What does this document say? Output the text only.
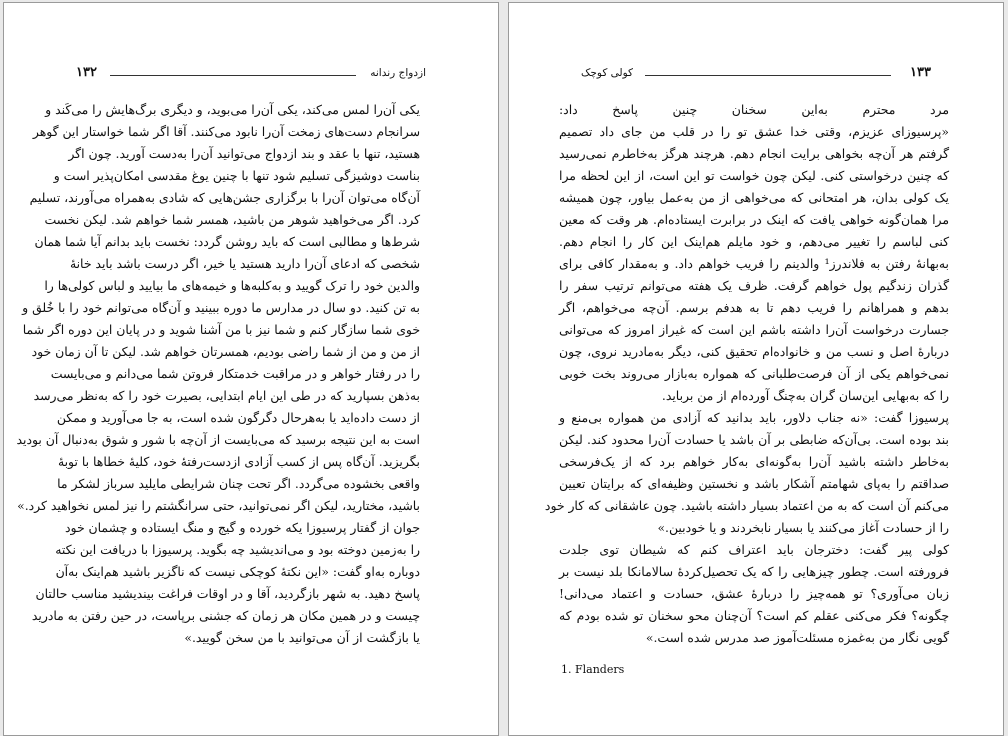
۱۳۲	ازدواج رندانه
یکی آن‌را لمس می‌کند، یکی آن‌را می‌بوید، و دیگری برگ‌هایش را می‌کَند و
سرانجام دست‌های زمخت آن‌را نابود می‌کنند. آقا اگر شما خواستار این گوهر
هستید، تنها با عقد و بند ازدواج می‌توانید آن‌را به‌دست آورید. چون اگر
بناست دوشیزگی تسلیم شود تنها با چنین یوغ مقدسی امکان‌پذیر است و
آن‌گاه می‌توان آن‌را با برگزاری جشن‌هایی که شادی به‌همراه می‌آورند، تسلیم
کرد. اگر می‌خواهید شوهر من باشید، همسر شما خواهم شد. لیکن نخست
شرط‌ها و مطالبی است که باید روشن گردد: نخست باید بدانم آیا شما همان
شخصی که ادعای آن‌را دارید هستید یا خیر، اگر درست باشد باید خانهٔ
والدین خود را ترک گویید و به‌کلبه‌ها و خیمه‌های ما بیایید و لباس کولی‌ها را
به تن کنید. دو سال در مدارس ما دوره ببینید و آن‌گاه می‌توانم خود را با خُلق و
خوی شما سازگار کنم و شما نیز با من آشنا شوید و در پایان این دوره اگر شما
از من و من از شما راضی بودیم، همسرتان خواهم شد. لیکن تا آن زمان خود
را در رفتار خواهر و در مراقبت خدمتکار فروتن شما می‌دانم و می‌بایست
به‌ذهن بسپارید که در طی این ایام ابتدایی، بصیرت خود را که به‌نظر می‌رسد
از دست داده‌اید یا به‌هرحال دگرگون شده است، به جا می‌آورید و ممکن
است به این نتیجه برسید که می‌بایست از آن‌چه با شور و شوق به‌دنبال آن بودید
بگریزید. آن‌گاه پس از کسب آزادی ازدست‌رفتهٔ خود، کلیهٔ خطاها با توبهٔ
واقعی بخشوده می‌گردد. اگر تحت چنان شرایطی مایلید سرباز لشکر ما
باشید، مختارید، لیکن اگر نمی‌توانید، حتی سرانگشتم را نیز لمس نخواهید کرد.»
جوان از گفتار پرسیوزا یکه خورده و گیج و منگ ایستاده و چشمان خود
را به‌زمین دوخته بود و می‌اندیشید چه بگوید. پرسیوزا با دریافت این نکته
دوباره به‌او گفت: «این نکتهٔ کوچکی نیست که ناگزیر باشید هم‌اینک به‌آن
پاسخ دهید. به شهر بازگردید، آقا و در اوقات فراغت بیندیشید مناسب حالتان
چیست و در همین مکان هر زمان که جشنی برپاست، در حین رفتن به مادرید
یا بازگشت از آن می‌توانید با من سخن گویید.»
کولی کوچک	۱۳۳
مرد محترم به‌این سخنان چنین پاسخ داد:
«پرسیوزای عزیزم، وقتی خدا عشق تو را در قلب من جای داد تصمیم
گرفتم هر آن‌چه بخواهی برایت انجام دهم. هرچند هرگز به‌خاطرم نمی‌رسید
که چنین درخواستی کنی. لیکن چون خواست تو این است، از این لحظه مرا
یک کولی بدان، هر امتحانی که می‌خواهی از من به‌عمل بیاور، چون همیشه
مرا همان‌گونه خواهی یافت که اینک در برابرت ایستاده‌ام. هر وقت که معین
کنی لباسم را تغییر می‌دهم، و خود مایلم هم‌اینک این کار را انجام دهم.
به‌بهانهٔ رفتن به فلاندرز¹ والدینم را فریب خواهم داد. و به‌مقدار کافی برای
گذران زندگیم پول خواهم گرفت. ظرف یک هفته می‌توانم ترتیب سفر را
بدهم و همراهانم را فریب دهم تا به هدفم برسم. آن‌چه می‌خواهم، اگر
جسارت درخواست آن‌را داشته باشم این است که غیراز امروز که می‌توانی
دربارهٔ اصل و نسب من و خانواده‌ام تحقیق کنی، دیگر به‌مادرید نروی، چون
نمی‌خواهم یکی از آن فرصت‌طلبانی که همواره به‌بازار می‌روند بخت خوبی
را که به‌بهایی این‌سان گران به‌چنگ آورده‌ام از من برباید.
پرسیوزا گفت: «نه جناب دلاور، باید بدانید که آزادی من همواره بی‌منع و
بند بوده است. بی‌آن‌که ضابطی بر آن باشد یا حسادت آن‌را محدود کند. لیکن
به‌خاطر داشته باشید آن‌را به‌گونه‌ای به‌کار خواهم برد که از یک‌فرسخی
صداقتم را به‌پای شهامتم آشکار باشد و نخستین وظیفه‌ای که برایتان تعیین
می‌کنم آن است که به من اعتماد بسیار داشته باشید. چون عاشقانی که کار خود
را از حسادت آغاز می‌کنند یا بسیار نابخردند و یا خودبین.»
کولی پیر گفت: دخترجان باید اعتراف کنم که شیطان توی جلدت
فرورفته است. چطور چیزهایی را که یک تحصیل‌کردهٔ سالامانکا بلد نیست بر
زبان می‌آوری؟ تو همه‌چیز را دربارهٔ عشق، حسادت و اعتماد می‌دانی!
چگونه؟ فکر می‌کنی عقلم کم است؟ آن‌چنان محو سخنان تو شده بودم که
گویی نگار من به‌غمزه مسئلت‌آموز صد مدرس شده است.»
1. Flanders
